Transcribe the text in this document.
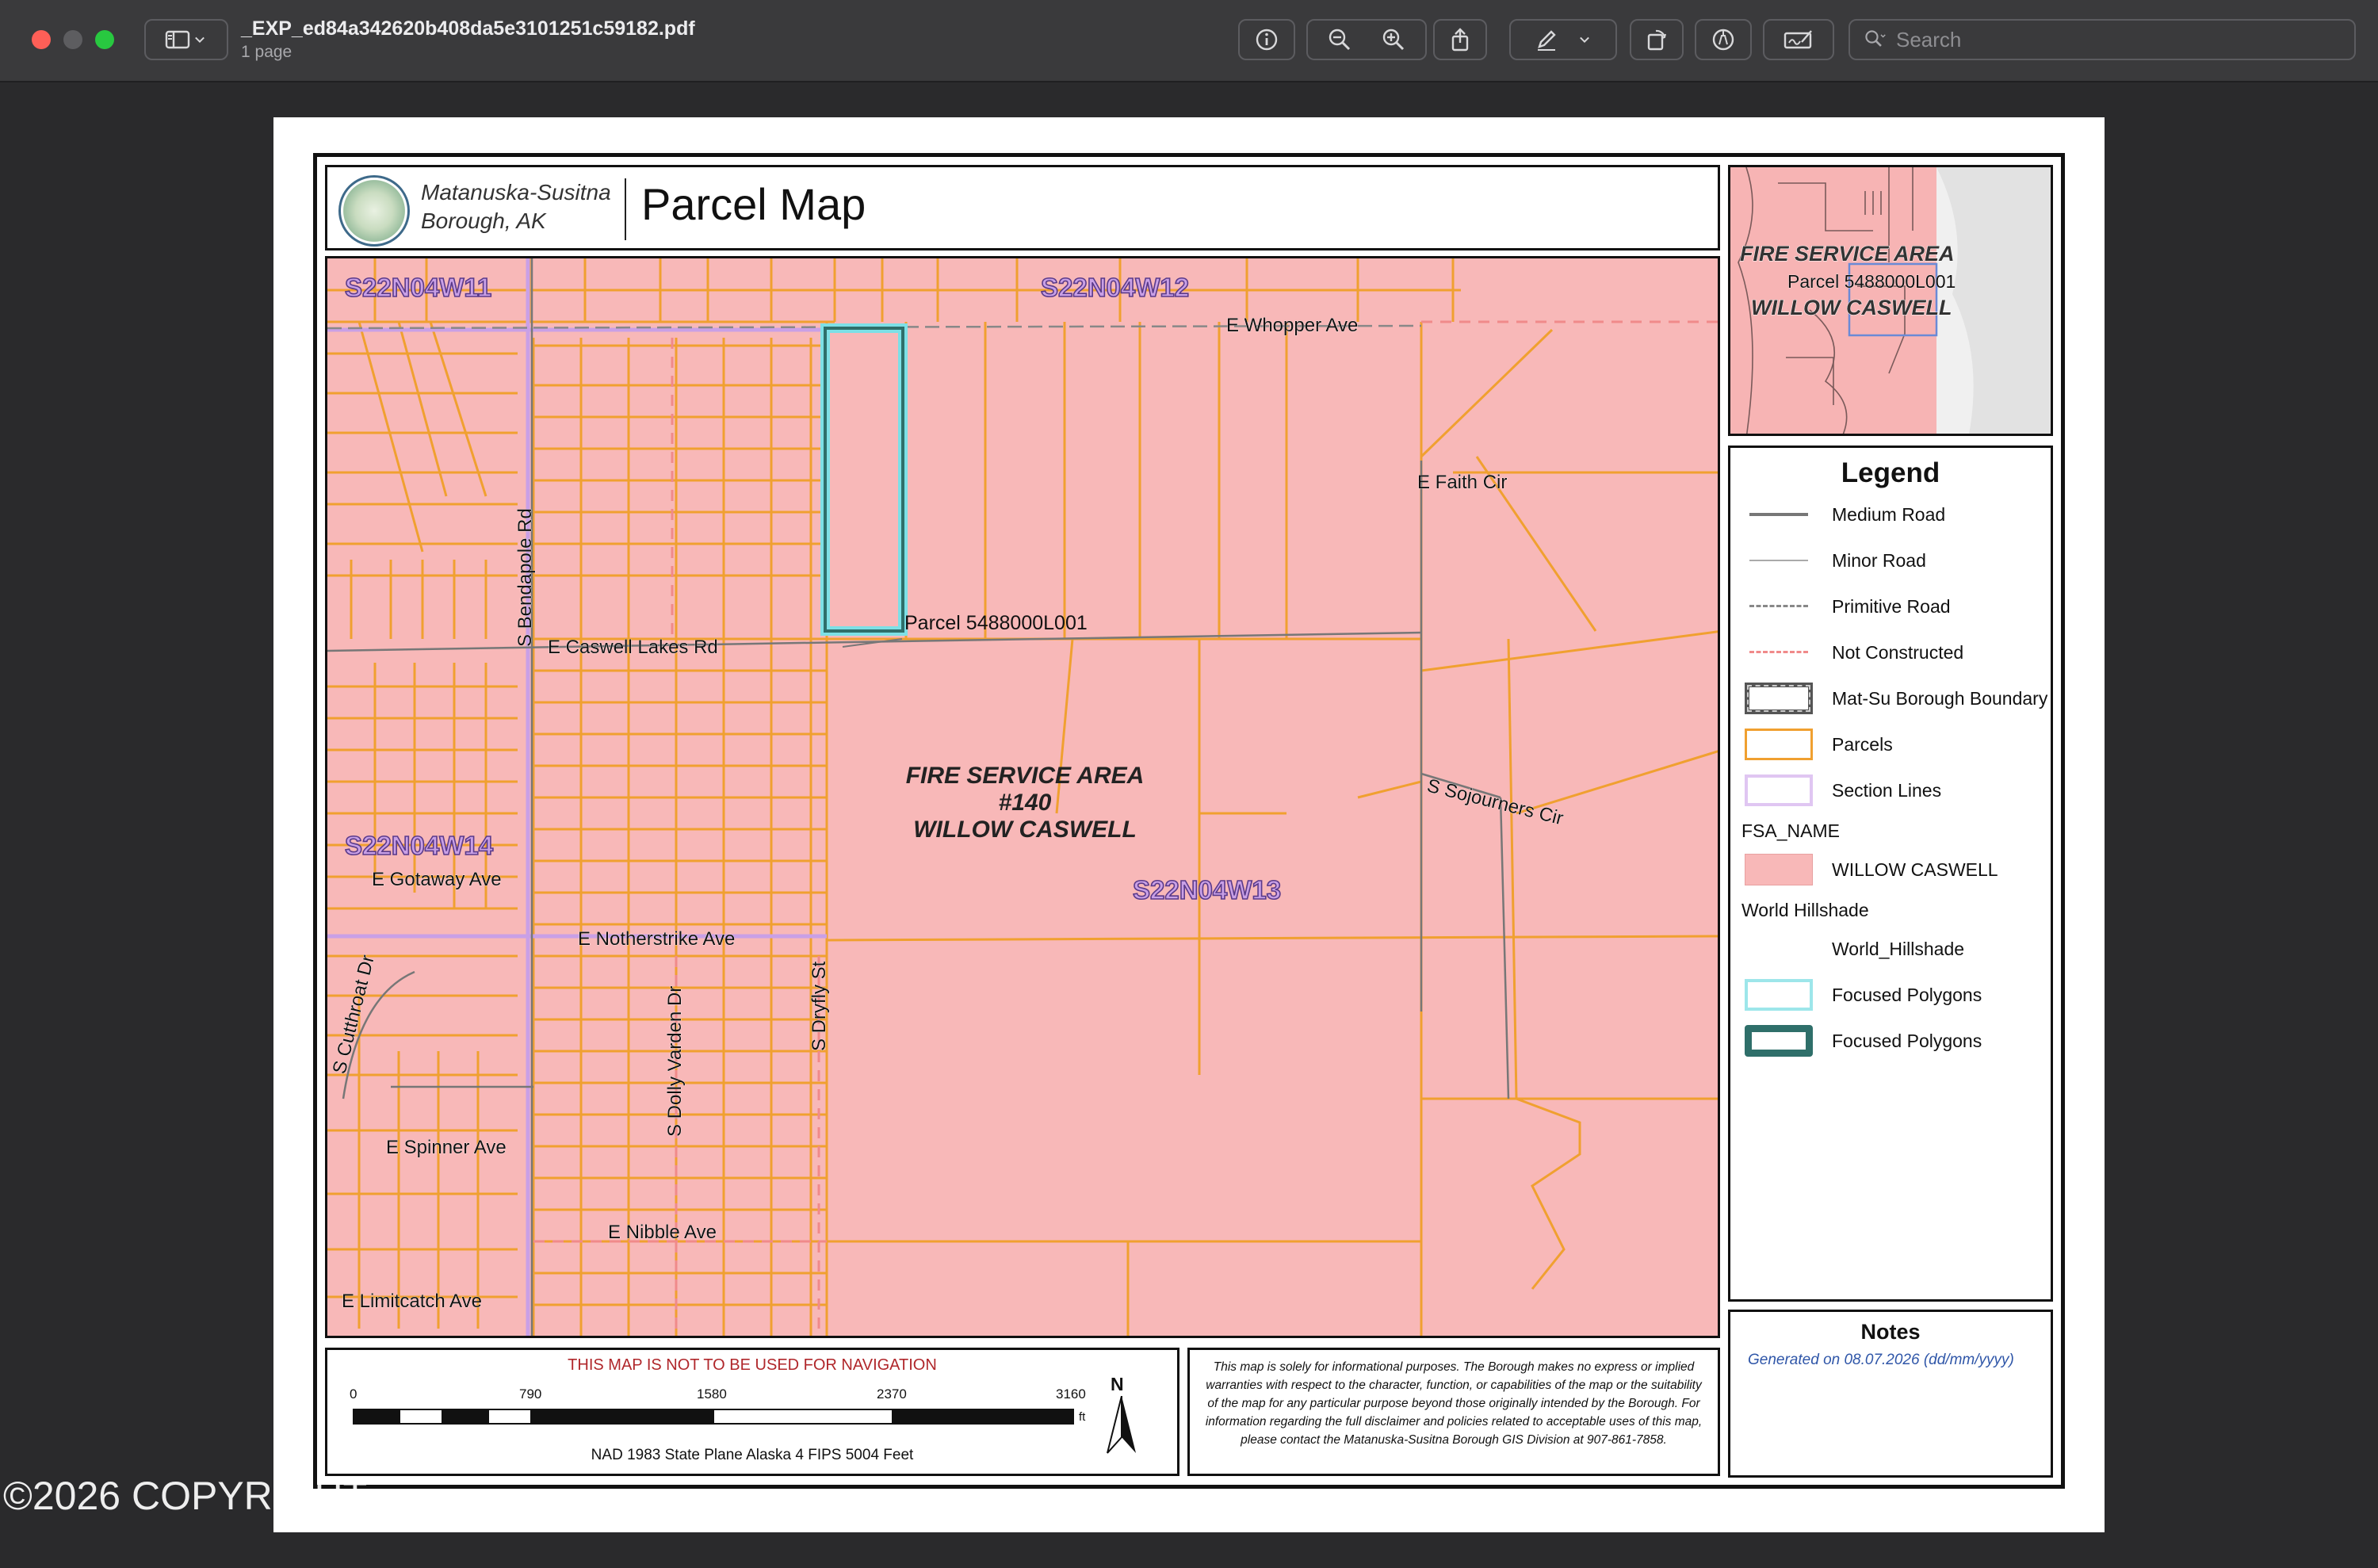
_EXP_ed84a342620b408da5e3101251c59182.pdf
1 page
Search
Matanuska-Susitna
Borough, AK Parcel Map
S22N04W11	S22N04W12
S22N04W14
S22N04W13
E Whopper Ave
E Faith Cir
S Bendapole Rd
E Caswell Lakes Rd
E Gotaway Ave
E Notherstrike Ave
S Cutthroat Dr	S Dolly Varden Dr	S Dryfly St
S Sojourners Cir
E Spinner Ave
E Nibble Ave
E Limitcatch Ave
Parcel 5488000L001
FIRE SERVICE AREA
#140
WILLOW CASWELL
FIRE SERVICE AREA
WILLOW CASWELL
Parcel 5488000L001
Legend
Medium Road
Minor Road
Primitive Road
Not Constructed
Mat-Su Borough Boundary
Parcels
Section Lines
FSA_NAME
WILLOW CASWELL
World Hillshade
World_Hillshade
Focused Polygons
Focused Polygons
Notes

Generated on 08.07.2026 (dd/mm/yyyy)

THIS MAP IS NOT TO BE USED FOR NAVIGATION
0	790	1580	2370	3160
ft
N
NAD 1983 State Plane Alaska 4 FIPS 5004 Feet
This map is solely for informational purposes. The Borough makes no express or implied warranties with respect to the character, function, or capabilities of the map or the suitability of the map for any particular purpose beyond those originally intended by the Borough. For information regarding the full disclaimer and policies related to acceptable uses of this map, please contact the Matanuska-Susitna Borough GIS Division at 907-861-7858.
©2026 COPYRIGHT
